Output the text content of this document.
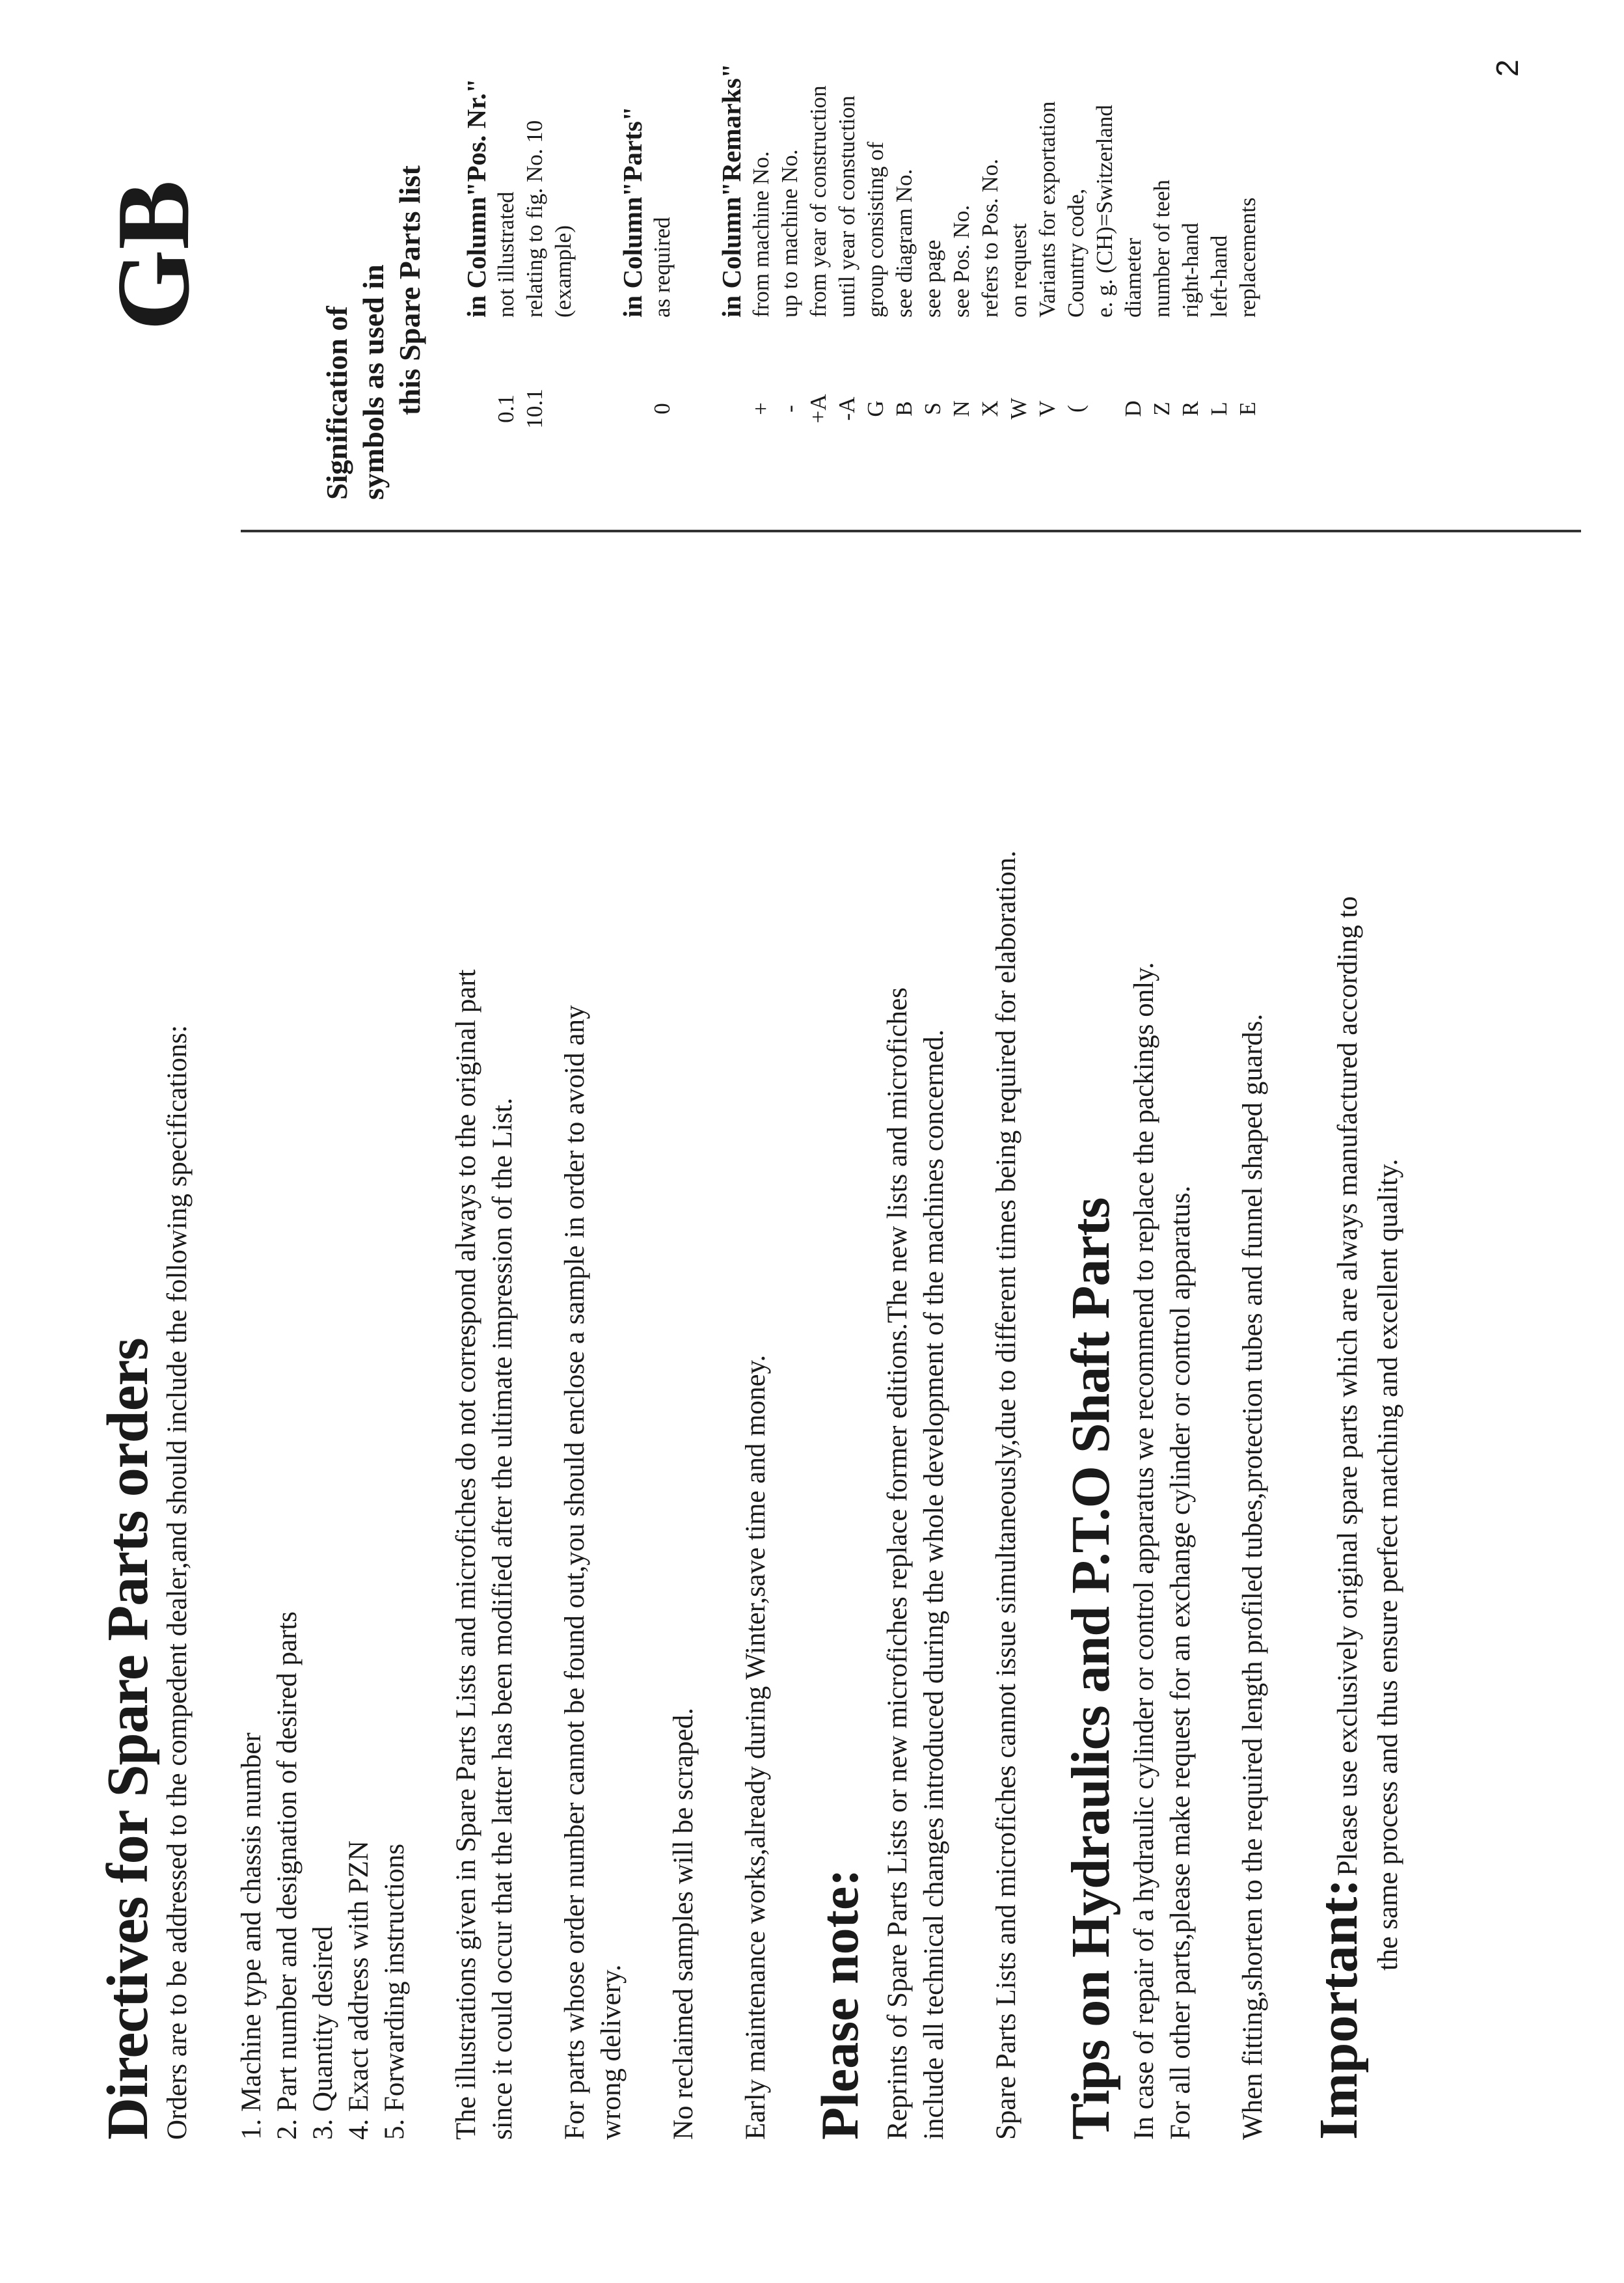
Directives for Spare Parts orders Orders are to be addressed to the compedent dealer,and should include the following specifications: 1. Machine type and chassis number 2. Part number and designation of desired parts 3. Quantity desired 4. Exact address with PZN 5. Forwarding instructions The illustrations given in Spare Parts Lists and microfiches do not correspond always to the original part since it could occur that the latter has been modified after the ultimate impression of the List. For parts whose order number cannot be found out,you should enclose a sample in order to avoid any wrong delivery. No reclaimed samples will be scraped. Early maintenance works,already during Winter,save time and money. Please note: Reprints of Spare Parts Lists or new microfiches replace former editions.The new lists and microfiches include all technical changes introduced during the whole development of the machines concerned. Spare Parts Lists and microfiches cannot issue simultaneously,due to different times being required for elaboration. Tips on Hydraulics and P.T.O Shaft Parts In case of repair of a hydraulic cylinder or control apparatus we recommend to replace the packings only. For all other parts,please make request for an exchange cylinder or control apparatus. When fitting,shorten to the required length profiled tubes,protection tubes and funnel shaped guards. Important: Please use exclusively original spare parts which are always manufactured according to the same process and thus ensure perfect matching and excellent quality.

GB

Signification of symbols as used in this Spare Parts list in Column"Pos. Nr."

0.1
not illustrated
10.1
relating to fig. No. 10 (example) in Column"Parts"

0
as required in Column"Remarks"

+
from machine No.
-
up to machine No.
+A
from year of construction
-A
until year of constuction
G
group consisting of
B
see diagram No.
S
see page
N
see Pos. No.
X
refers to Pos. No.
W
on request
V
Variants for exportation
(
Country code, e. g. (CH)=Switzerland
D
diameter
Z
number of teeh
R
right-hand
L
left-hand
E
replacements
2
